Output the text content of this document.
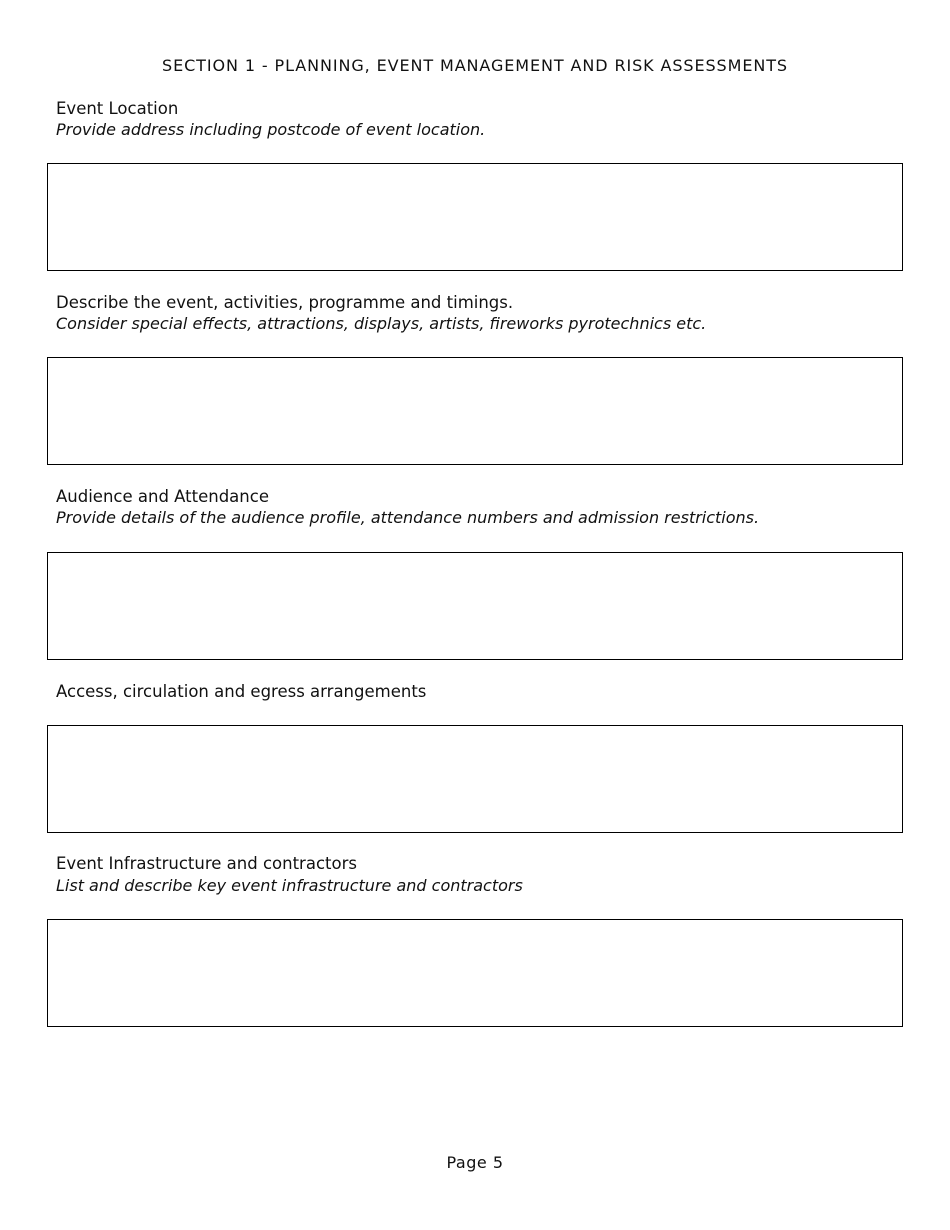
SECTION 1 - PLANNING, EVENT MANAGEMENT AND RISK ASSESSMENTS
Event Location
Provide address including postcode of event location.
Describe the event, activities, programme and timings.
Consider special effects, attractions, displays, artists, fireworks pyrotechnics etc.
Audience and Attendance
Provide details of the audience profile, attendance numbers and admission restrictions.
Access, circulation and egress arrangements
Event Infrastructure and contractors
List and describe key event infrastructure and contractors
Page 5
